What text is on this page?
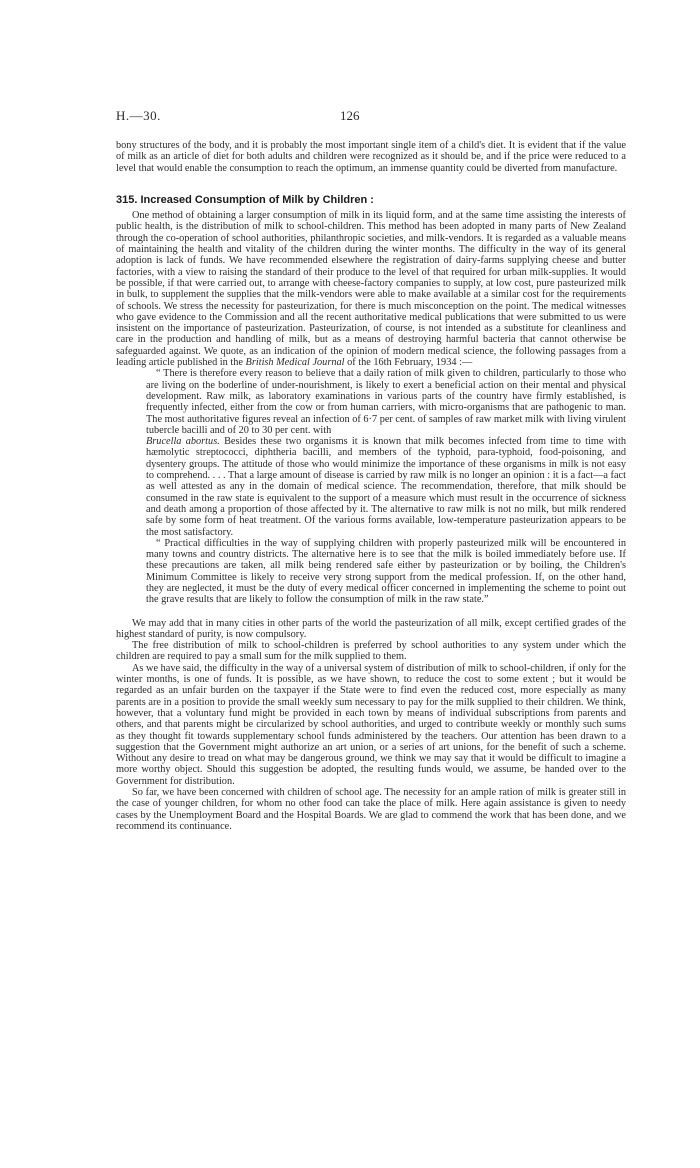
H.—30.	126

bony structures of the body, and it is probably the most important single item of a child's diet. It is evident that if the value of milk as an article of diet for both adults and children were recognized as it should be, and if the price were reduced to a level that would enable the consumption to reach the optimum, an immense quantity could be diverted from manufacture.

315. Increased Consumption of Milk by Children :

One method of obtaining a larger consumption of milk in its liquid form, and at the same time assisting the interests of public health, is the distribution of milk to school-children. This method has been adopted in many parts of New Zealand through the co-operation of school authorities, philanthropic societies, and milk-vendors. It is regarded as a valuable means of maintaining the health and vitality of the children during the winter months. The difficulty in the way of its general adoption is lack of funds. We have recommended elsewhere the registration of dairy-farms supplying cheese and butter factories, with a view to raising the standard of their produce to the level of that required for urban milk-supplies. It would be possible, if that were carried out, to arrange with cheese-factory companies to supply, at low cost, pure pasteurized milk in bulk, to supplement the supplies that the milk-vendors were able to make available at a similar cost for the requirements of schools. We stress the necessity for pasteurization, for there is much misconception on the point. The medical witnesses who gave evidence to the Commission and all the recent authoritative medical publications that were submitted to us were insistent on the importance of pasteurization. Pasteurization, of course, is not intended as a substitute for cleanliness and care in the production and handling of milk, but as a means of destroying harmful bacteria that cannot otherwise be safeguarded against. We quote, as an indication of the opinion of modern medical science, the following passages from a leading article published in the British Medical Journal of the 16th February, 1934 :—

“ There is therefore every reason to believe that a daily ration of milk given to children, particularly to those who are living on the boderline of under-nourishment, is likely to exert a beneficial action on their mental and physical development. Raw milk, as laboratory examinations in various parts of the country have firmly established, is frequently infected, either from the cow or from human carriers, with micro-organisms that are pathogenic to man. The most authoritative figures reveal an infection of 6·7 per cent. of samples of raw market milk with living virulent tubercle bacilli and of 20 to 30 per cent. with
Brucella abortus. Besides these two organisms it is known that milk becomes infected from time to time with hæmolytic streptococci, diphtheria bacilli, and members of the typhoid, para-typhoid, food-poisoning, and dysentery groups. The attitude of those who would minimize the importance of these organisms in milk is not easy to comprehend. . . . That a large amount of disease is carried by raw milk is no longer an opinion : it is a fact—a fact as well attested as any in the domain of medical science. The recommendation, therefore, that milk should be consumed in the raw state is equivalent to the support of a measure which must result in the occurrence of sickness and death among a proportion of those affected by it. The alternative to raw milk is not no milk, but milk rendered safe by some form of heat treatment. Of the various forms available, low-temperature pasteurization appears to be the most satisfactory.

“ Practical difficulties in the way of supplying children with properly pasteurized milk will be encountered in many towns and country districts. The alternative here is to see that the milk is boiled immediately before use. If these precautions are taken, all milk being rendered safe either by pasteurization or by boiling, the Children's Minimum Committee is likely to receive very strong support from the medical profession. If, on the other hand, they are neglected, it must be the duty of every medical officer concerned in implementing the scheme to point out the grave results that are likely to follow the consumption of milk in the raw state.”

We may add that in many cities in other parts of the world the pasteurization of all milk, except certified grades of the highest standard of purity, is now compulsory.

The free distribution of milk to school-children is preferred by school authorities to any system under which the children are required to pay a small sum for the milk supplied to them.

As we have said, the difficulty in the way of a universal system of distribution of milk to school-children, if only for the winter months, is one of funds. It is possible, as we have shown, to reduce the cost to some extent ; but it would be regarded as an unfair burden on the taxpayer if the State were to find even the reduced cost, more especially as many parents are in a position to provide the small weekly sum necessary to pay for the milk supplied to their children. We think, however, that a voluntary fund might be provided in each town by means of individual subscriptions from parents and others, and that parents might be circularized by school authorities, and urged to contribute weekly or monthly such sums as they thought fit towards supplementary school funds administered by the teachers. Our attention has been drawn to a suggestion that the Government might authorize an art union, or a series of art unions, for the benefit of such a scheme. Without any desire to tread on what may be dangerous ground, we think we may say that it would be difficult to imagine a more worthy object. Should this suggestion be adopted, the resulting funds would, we assume, be handed over to the Government for distribution.

So far, we have been concerned with children of school age. The necessity for an ample ration of milk is greater still in the case of younger children, for whom no other food can take the place of milk. Here again assistance is given to needy cases by the Unemployment Board and the Hospital Boards. We are glad to commend the work that has been done, and we recommend its continuance.
